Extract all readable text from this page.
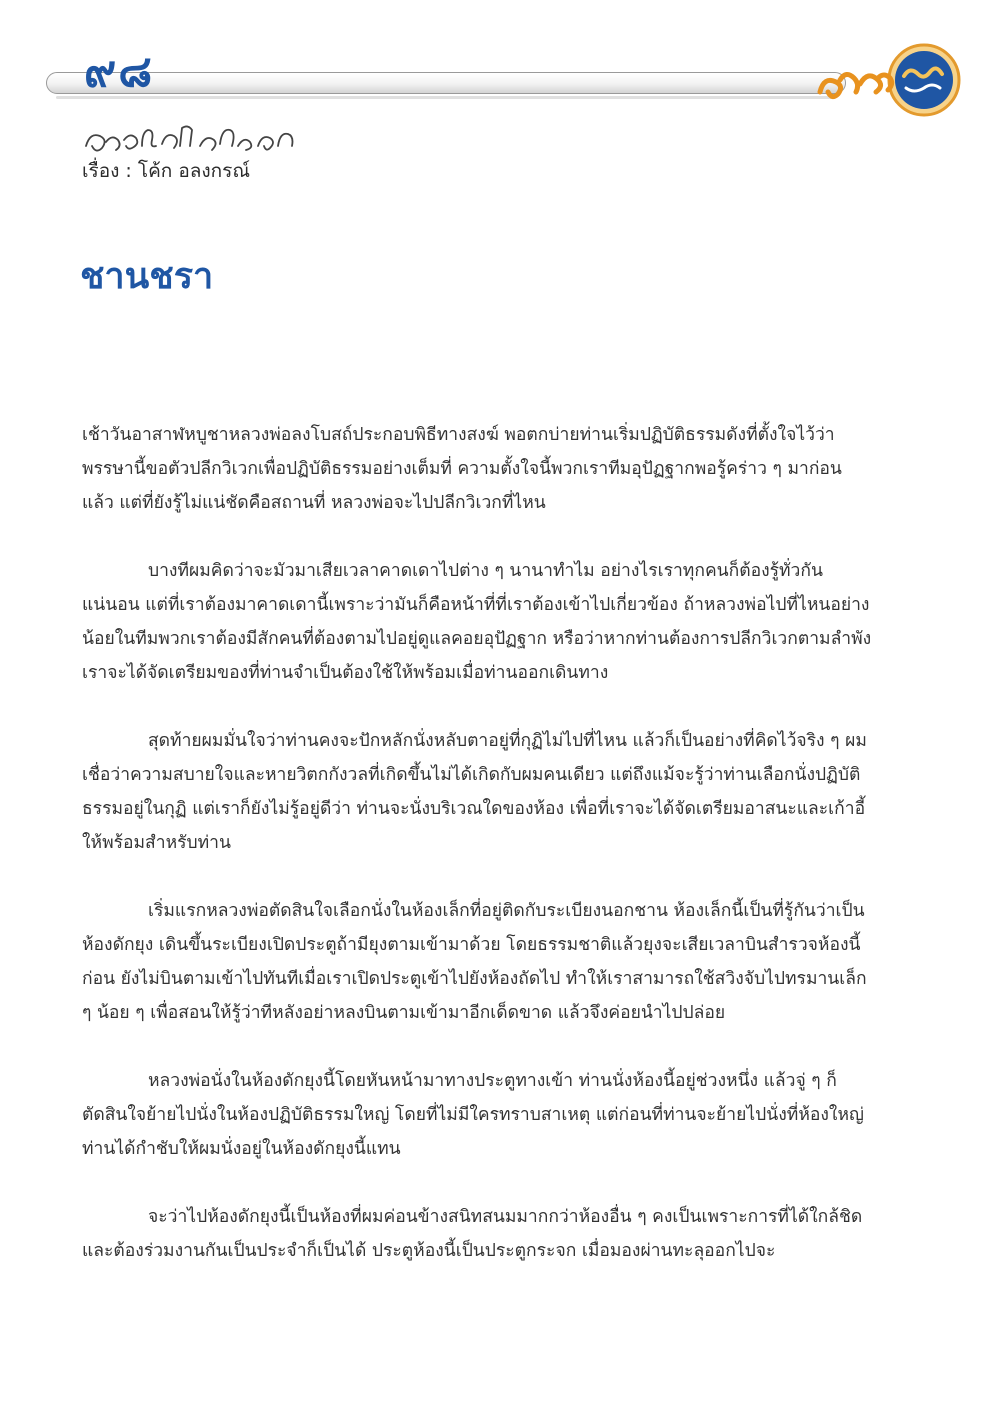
๙๘
เรื่อง : โค้ก อลงกรณ์
ชานชรา

เช้าวันอาสาฬหบูชาหลวงพ่อลงโบสถ์ประกอบพิธีทางสงฆ์ พอตกบ่ายท่านเริ่มปฏิบัติธรรมดังที่ตั้งใจไว้ว่าพรรษานี้ขอตัวปลีกวิเวกเพื่อปฏิบัติธรรมอย่างเต็มที่ ความตั้งใจนี้พวกเราทีมอุปัฏฐากพอรู้คร่าว ๆ มาก่อนแล้ว แต่ที่ยังรู้ไม่แน่ชัดคือสถานที่ หลวงพ่อจะไปปลีกวิเวกที่ไหน

บางทีผมคิดว่าจะมัวมาเสียเวลาคาดเดาไปต่าง ๆ นานาทำไม อย่างไรเราทุกคนก็ต้องรู้ทั่วกันแน่นอน แต่ที่เราต้องมาคาดเดานี้เพราะว่ามันก็คือหน้าที่ที่เราต้องเข้าไปเกี่ยวข้อง ถ้าหลวงพ่อไปที่ไหนอย่างน้อยในทีมพวกเราต้องมีสักคนที่ต้องตามไปอยู่ดูแลคอยอุปัฏฐาก หรือว่าหากท่านต้องการปลีกวิเวกตามลำพัง เราจะได้จัดเตรียมของที่ท่านจำเป็นต้องใช้ให้พร้อมเมื่อท่านออกเดินทาง

สุดท้ายผมมั่นใจว่าท่านคงจะปักหลักนั่งหลับตาอยู่ที่กุฏิไม่ไปที่ไหน แล้วก็เป็นอย่างที่คิดไว้จริง ๆ ผมเชื่อว่าความสบายใจและหายวิตกกังวลที่เกิดขึ้นไม่ได้เกิดกับผมคนเดียว แต่ถึงแม้จะรู้ว่าท่านเลือกนั่งปฏิบัติธรรมอยู่ในกุฏิ แต่เราก็ยังไม่รู้อยู่ดีว่า ท่านจะนั่งบริเวณใดของห้อง เพื่อที่เราจะได้จัดเตรียมอาสนะและเก้าอี้ให้พร้อมสำหรับท่าน

เริ่มแรกหลวงพ่อตัดสินใจเลือกนั่งในห้องเล็กที่อยู่ติดกับระเบียงนอกชาน ห้องเล็กนี้เป็นที่รู้กันว่าเป็นห้องดักยุง เดินขึ้นระเบียงเปิดประตูถ้ามียุงตามเข้ามาด้วย โดยธรรมชาติแล้วยุงจะเสียเวลาบินสำรวจห้องนี้ก่อน ยังไม่บินตามเข้าไปทันทีเมื่อเราเปิดประตูเข้าไปยังห้องถัดไป ทำให้เราสามารถใช้สวิงจับไปทรมานเล็ก ๆ น้อย ๆ เพื่อสอนให้รู้ว่าทีหลังอย่าหลงบินตามเข้ามาอีกเด็ดขาด แล้วจึงค่อยนำไปปล่อย

หลวงพ่อนั่งในห้องดักยุงนี้โดยหันหน้ามาทางประตูทางเข้า ท่านนั่งห้องนี้อยู่ช่วงหนึ่ง แล้วจู่ ๆ ก็ตัดสินใจย้ายไปนั่งในห้องปฏิบัติธรรมใหญ่ โดยที่ไม่มีใครทราบสาเหตุ แต่ก่อนที่ท่านจะย้ายไปนั่งที่ห้องใหญ่ ท่านได้กำชับให้ผมนั่งอยู่ในห้องดักยุงนี้แทน

จะว่าไปห้องดักยุงนี้เป็นห้องที่ผมค่อนข้างสนิทสนมมากกว่าห้องอื่น ๆ คงเป็นเพราะการที่ได้ใกล้ชิดและต้องร่วมงานกันเป็นประจำก็เป็นได้ ประตูห้องนี้เป็นประตูกระจก เมื่อมองผ่านทะลุออกไปจะ
